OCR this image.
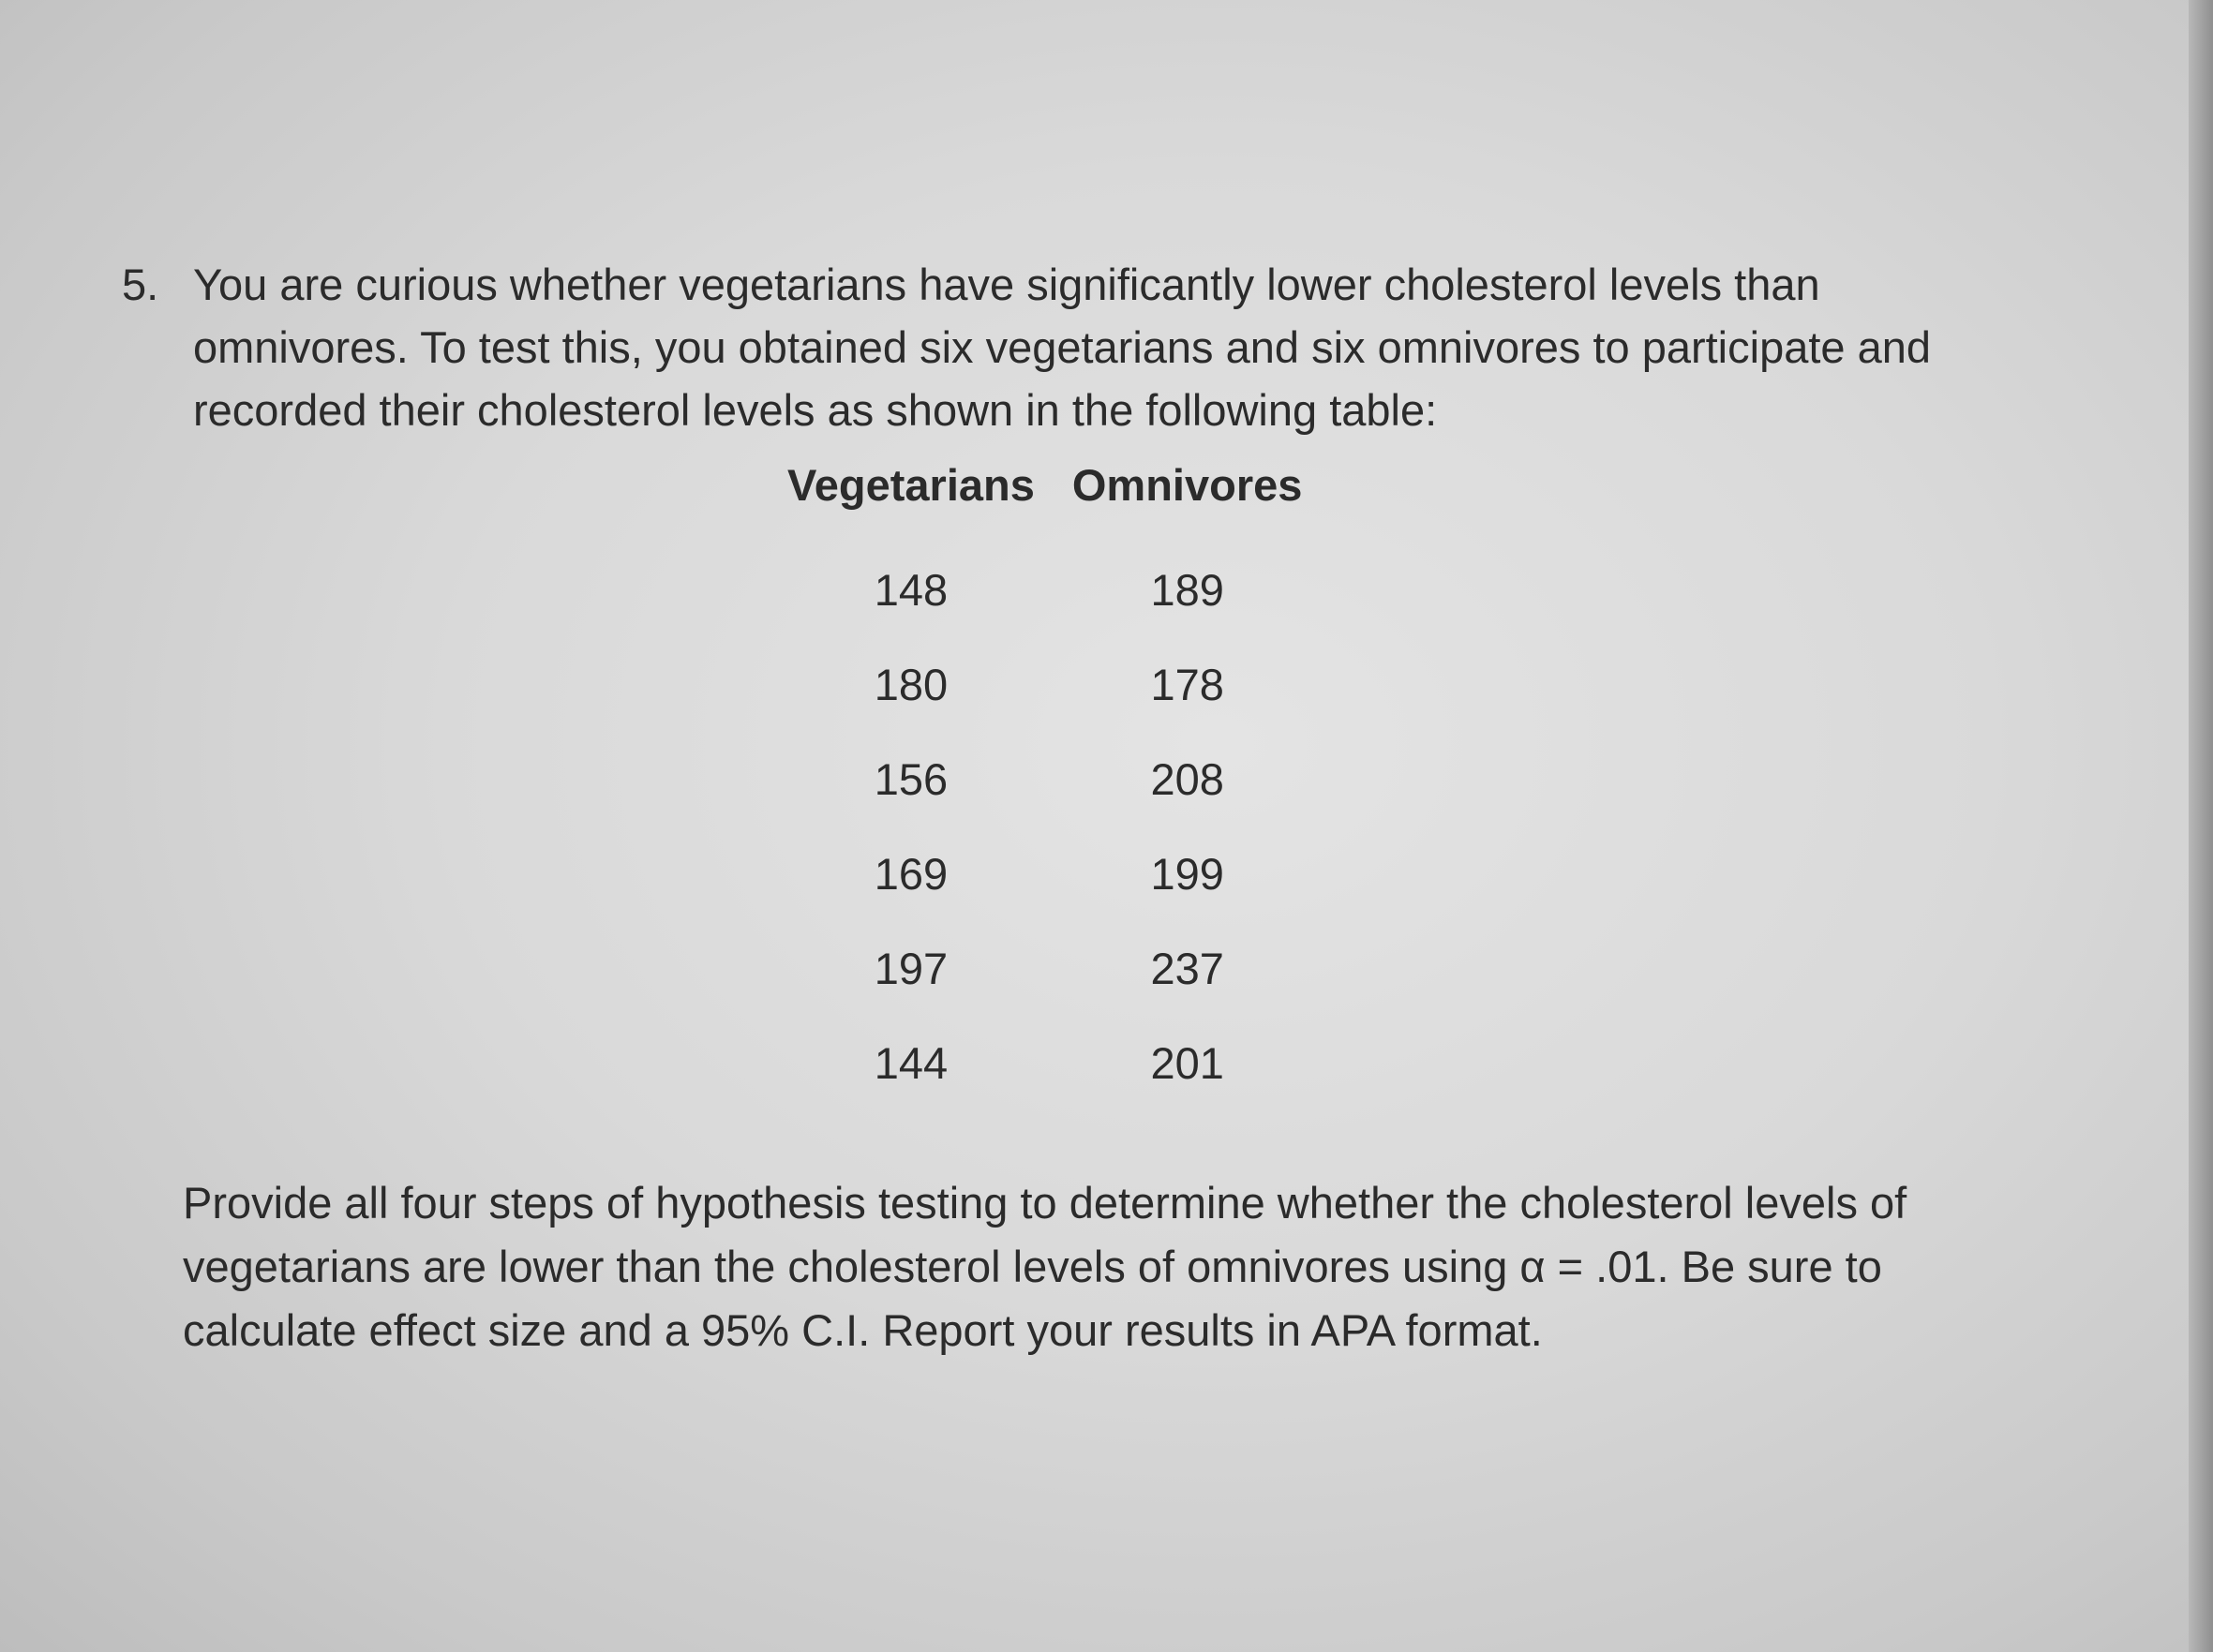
5. You are curious whether vegetarians have significantly lower cholesterol levels than omnivores. To test this, you obtained six vegetarians and six omnivores to participate and recorded their cholesterol levels as shown in the following table:

Vegetarians	Omnivores
148	189
180	178
156	208
169	199
197	237
144	201

Provide all four steps of hypothesis testing to determine whether the cholesterol levels of vegetarians are lower than the cholesterol levels of omnivores using α = .01. Be sure to calculate effect size and a 95% C.I. Report your results in APA format.
